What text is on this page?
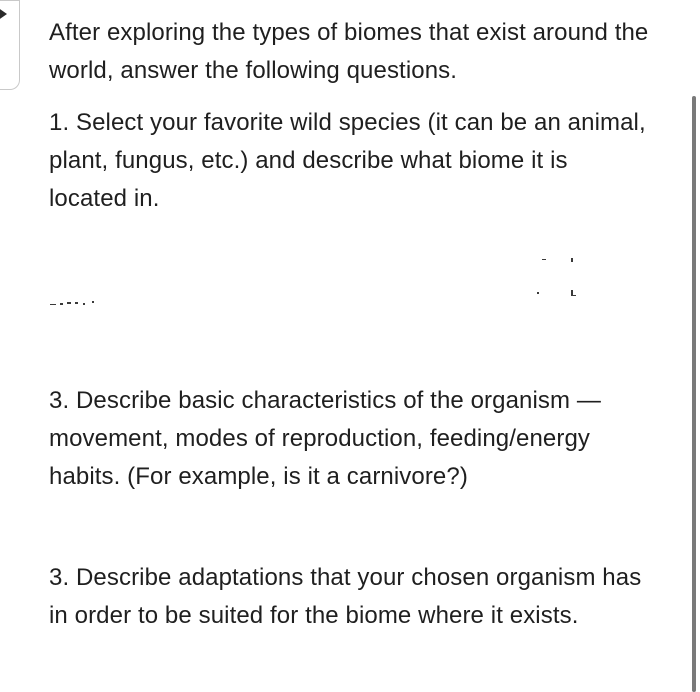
After exploring the types of biomes that exist around the world, answer the following questions.

1. Select your favorite wild species (it can be an animal, plant, fungus, etc.) and describe what biome it is located in.

3. Describe basic characteristics of the organism — movement, modes of reproduction, feeding/energy habits. (For example, is it a carnivore?)

3. Describe adaptations that your chosen organism has in order to be suited for the biome where it exists.
